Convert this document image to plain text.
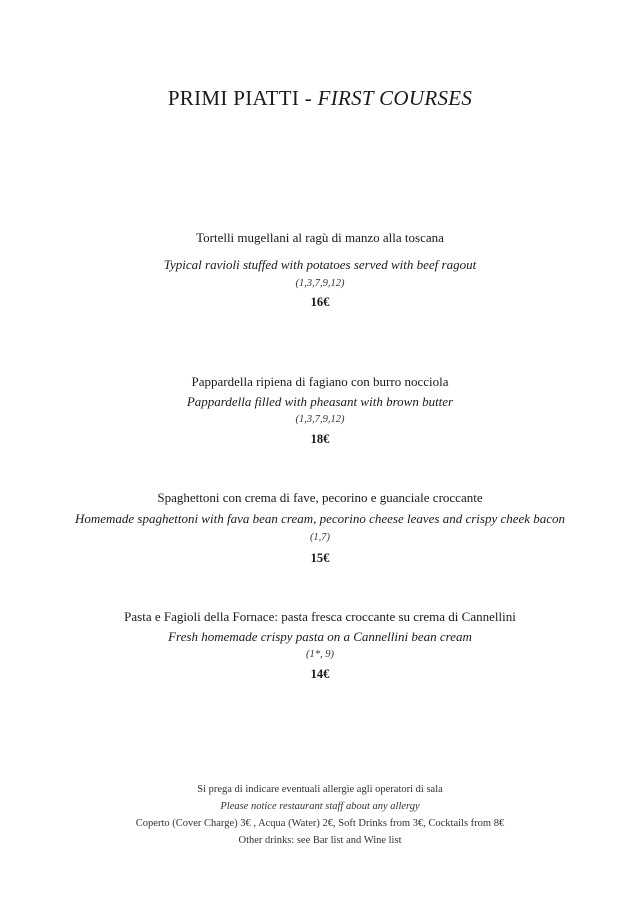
PRIMI PIATTI - FIRST COURSES
Tortelli mugellani al ragù di manzo alla toscana
Typical ravioli stuffed with potatoes served with beef ragout
(1,3,7,9,12)
16€
Pappardella ripiena di fagiano con burro nocciola
Pappardella filled with pheasant with brown butter
(1,3,7,9,12)
18€
Spaghettoni con crema di fave, pecorino e guanciale croccante
Homemade spaghettoni with fava bean cream, pecorino cheese leaves and crispy cheek bacon
(1,7)
15€
Pasta e Fagioli della Fornace: pasta fresca croccante su crema di Cannellini
Fresh homemade crispy pasta on a Cannellini bean cream
(1*, 9)
14€
Si prega di indicare eventuali allergie agli operatori di sala
Please notice restaurant staff about any allergy
Coperto (Cover Charge) 3€ , Acqua (Water) 2€, Soft Drinks from 3€, Cocktails from 8€
Other drinks: see Bar list and Wine list
